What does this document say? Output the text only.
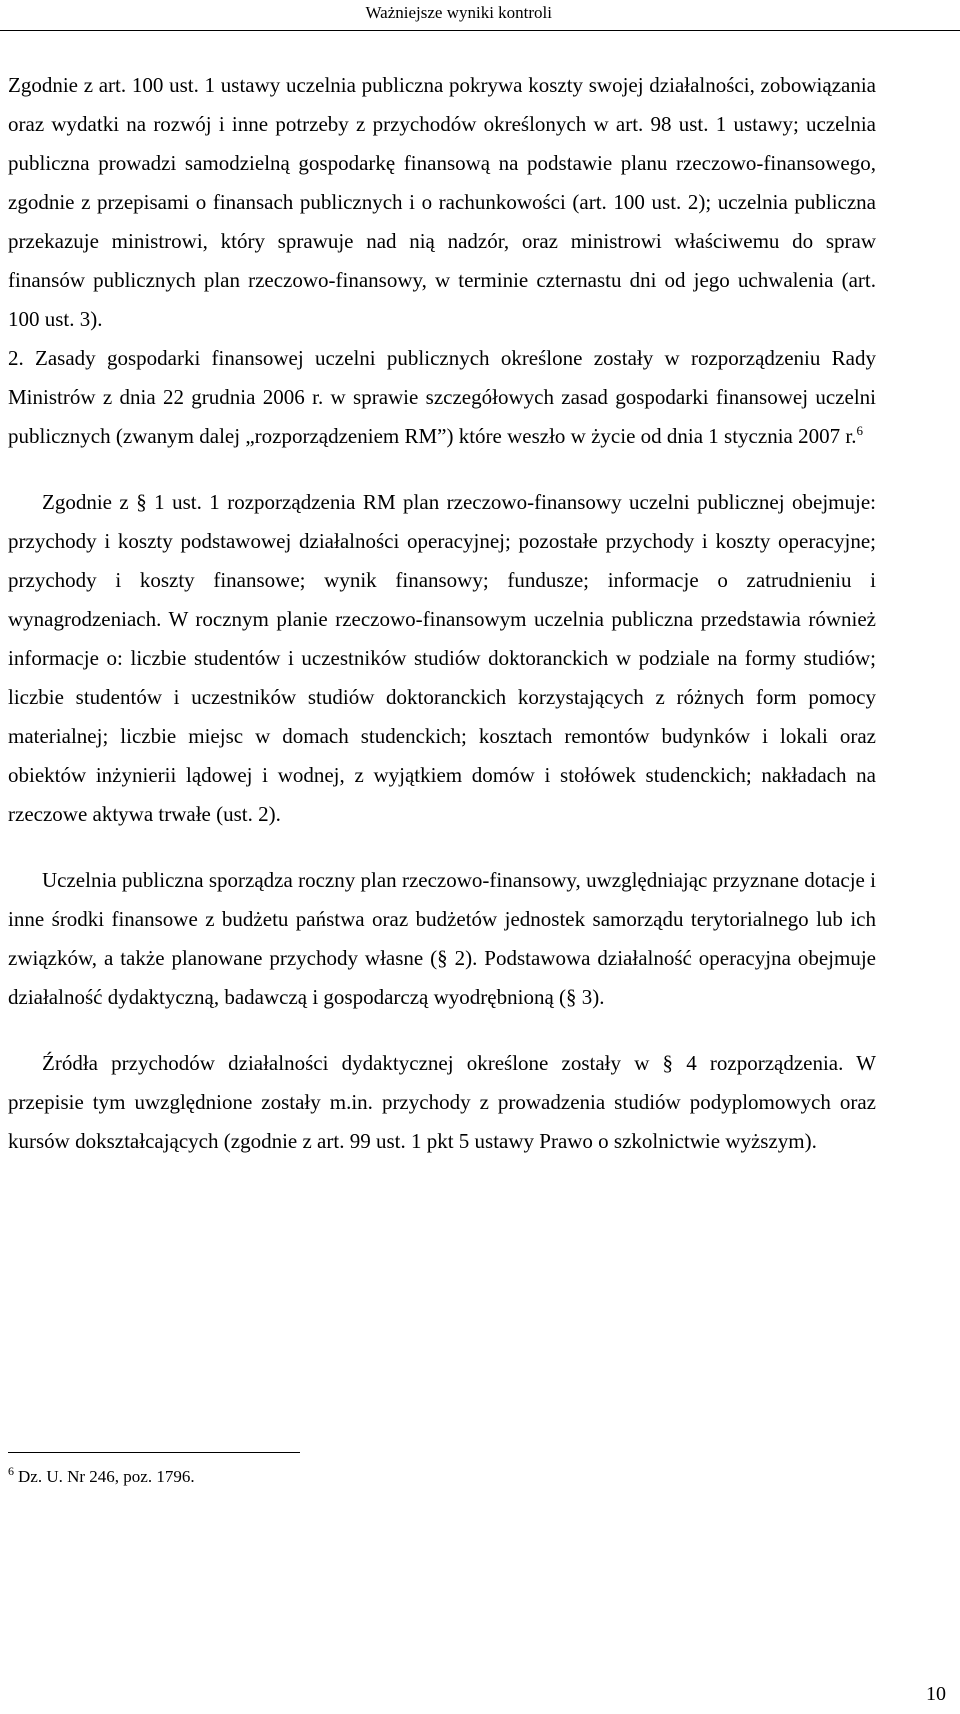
Ważniejsze wyniki kontroli

Zgodnie z art. 100 ust. 1 ustawy uczelnia publiczna pokrywa koszty swojej działalności, zobowiązania oraz wydatki na rozwój i inne potrzeby z przychodów określonych w art. 98 ust. 1 ustawy; uczelnia publiczna prowadzi samodzielną gospodarkę finansową na podstawie planu rzeczowo-finansowego, zgodnie z przepisami o finansach publicznych i o rachunkowości (art. 100 ust. 2); uczelnia publiczna przekazuje ministrowi, który sprawuje nad nią nadzór, oraz ministrowi właściwemu do spraw finansów publicznych plan rzeczowo-finansowy, w terminie czternastu dni od jego uchwalenia (art. 100 ust. 3).

2. Zasady gospodarki finansowej uczelni publicznych określone zostały w rozporządzeniu Rady Ministrów z dnia 22 grudnia 2006 r. w sprawie szczegółowych zasad gospodarki finansowej uczelni publicznych (zwanym dalej „rozporządzeniem RM”) które weszło w życie od dnia 1 stycznia 2007 r.$^6$

Zgodnie z § 1 ust. 1 rozporządzenia RM plan rzeczowo-finansowy uczelni publicznej obejmuje: przychody i koszty podstawowej działalności operacyjnej; pozostałe przychody i koszty operacyjne; przychody i koszty finansowe; wynik finansowy; fundusze; informacje o zatrudnieniu i wynagrodzeniach. W rocznym planie rzeczowo-finansowym uczelnia publiczna przedstawia również informacje o: liczbie studentów i uczestników studiów doktoranckich w podziale na formy studiów; liczbie studentów i uczestników studiów doktoranckich korzystających z różnych form pomocy materialnej; liczbie miejsc w domach studenckich; kosztach remontów budynków i lokali oraz obiektów inżynierii lądowej i wodnej, z wyjątkiem domów i stołówek studenckich; nakładach na rzeczowe aktywa trwałe (ust. 2).

Uczelnia publiczna sporządza roczny plan rzeczowo-finansowy, uwzględniając przyznane dotacje i inne środki finansowe z budżetu państwa oraz budżetów jednostek samorządu terytorialnego lub ich związków, a także planowane przychody własne (§ 2). Podstawowa działalność operacyjna obejmuje działalność dydaktyczną, badawczą i gospodarczą wyodrębnioną (§ 3).

Źródła przychodów działalności dydaktycznej określone zostały w § 4 rozporządzenia. W przepisie tym uwzględnione zostały m.in. przychody z prowadzenia studiów podyplomowych oraz kursów dokształcających (zgodnie z art. 99 ust. 1 pkt 5 ustawy Prawo o szkolnictwie wyższym).

$^6$ Dz. U. Nr 246, poz. 1796.
10
